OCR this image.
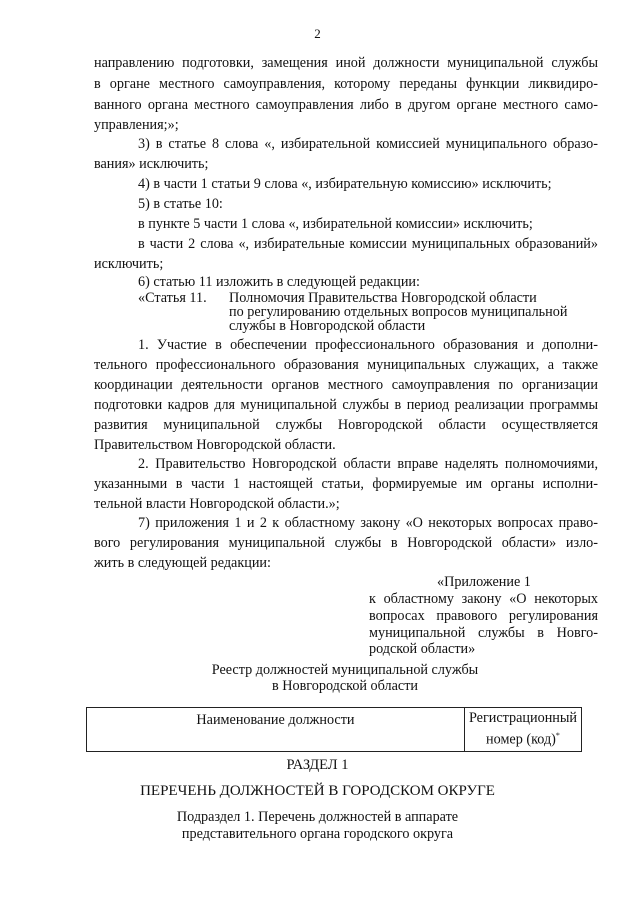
2
направлению подготовки, замещения иной должности муниципальной службы
в органе местного самоуправления, которому переданы функции ликвидиро-
ванного органа местного самоуправления либо в другом органе местного само-
управления;»;
3) в статье 8 слова «, избирательной комиссией муниципального образо-
вания» исключить;
4) в части 1 статьи 9 слова «, избирательную комиссию» исключить;
5) в статье 10:
в пункте 5 части 1 слова «, избирательной комиссии» исключить;
в части 2 слова «, избирательные комиссии муниципальных образований»
исключить;
6) статью 11 изложить в следующей редакции:
«Статья 11. Полномочия Правительства Новгородской области
по регулированию отдельных вопросов муниципальной
службы в Новгородской области
1. Участие в обеспечении профессионального образования и дополни-
тельного профессионального образования муниципальных служащих, а также
координации деятельности органов местного самоуправления по организации
подготовки кадров для муниципальной службы в период реализации программы
развития муниципальной службы Новгородской области осуществляется
Правительством Новгородской области.
2. Правительство Новгородской области вправе наделять полномочиями,
указанными в части 1 настоящей статьи, формируемые им органы исполни-
тельной власти Новгородской области.»;
7) приложения 1 и 2 к областному закону «О некоторых вопросах право-
вого регулирования муниципальной службы в Новгородской области» изло-
жить в следующей редакции:
«Приложение 1
к областному закону «О некоторых
вопросах правового регулирования
муниципальной службы в Новго-
родской области»
Реестр должностей муниципальной службы
в Новгородской области
Наименование должности	Регистрационный
номер (код)*
РАЗДЕЛ 1
ПЕРЕЧЕНЬ ДОЛЖНОСТЕЙ В ГОРОДСКОМ ОКРУГЕ
Подраздел 1. Перечень должностей в аппарате
представительного органа городского округа
